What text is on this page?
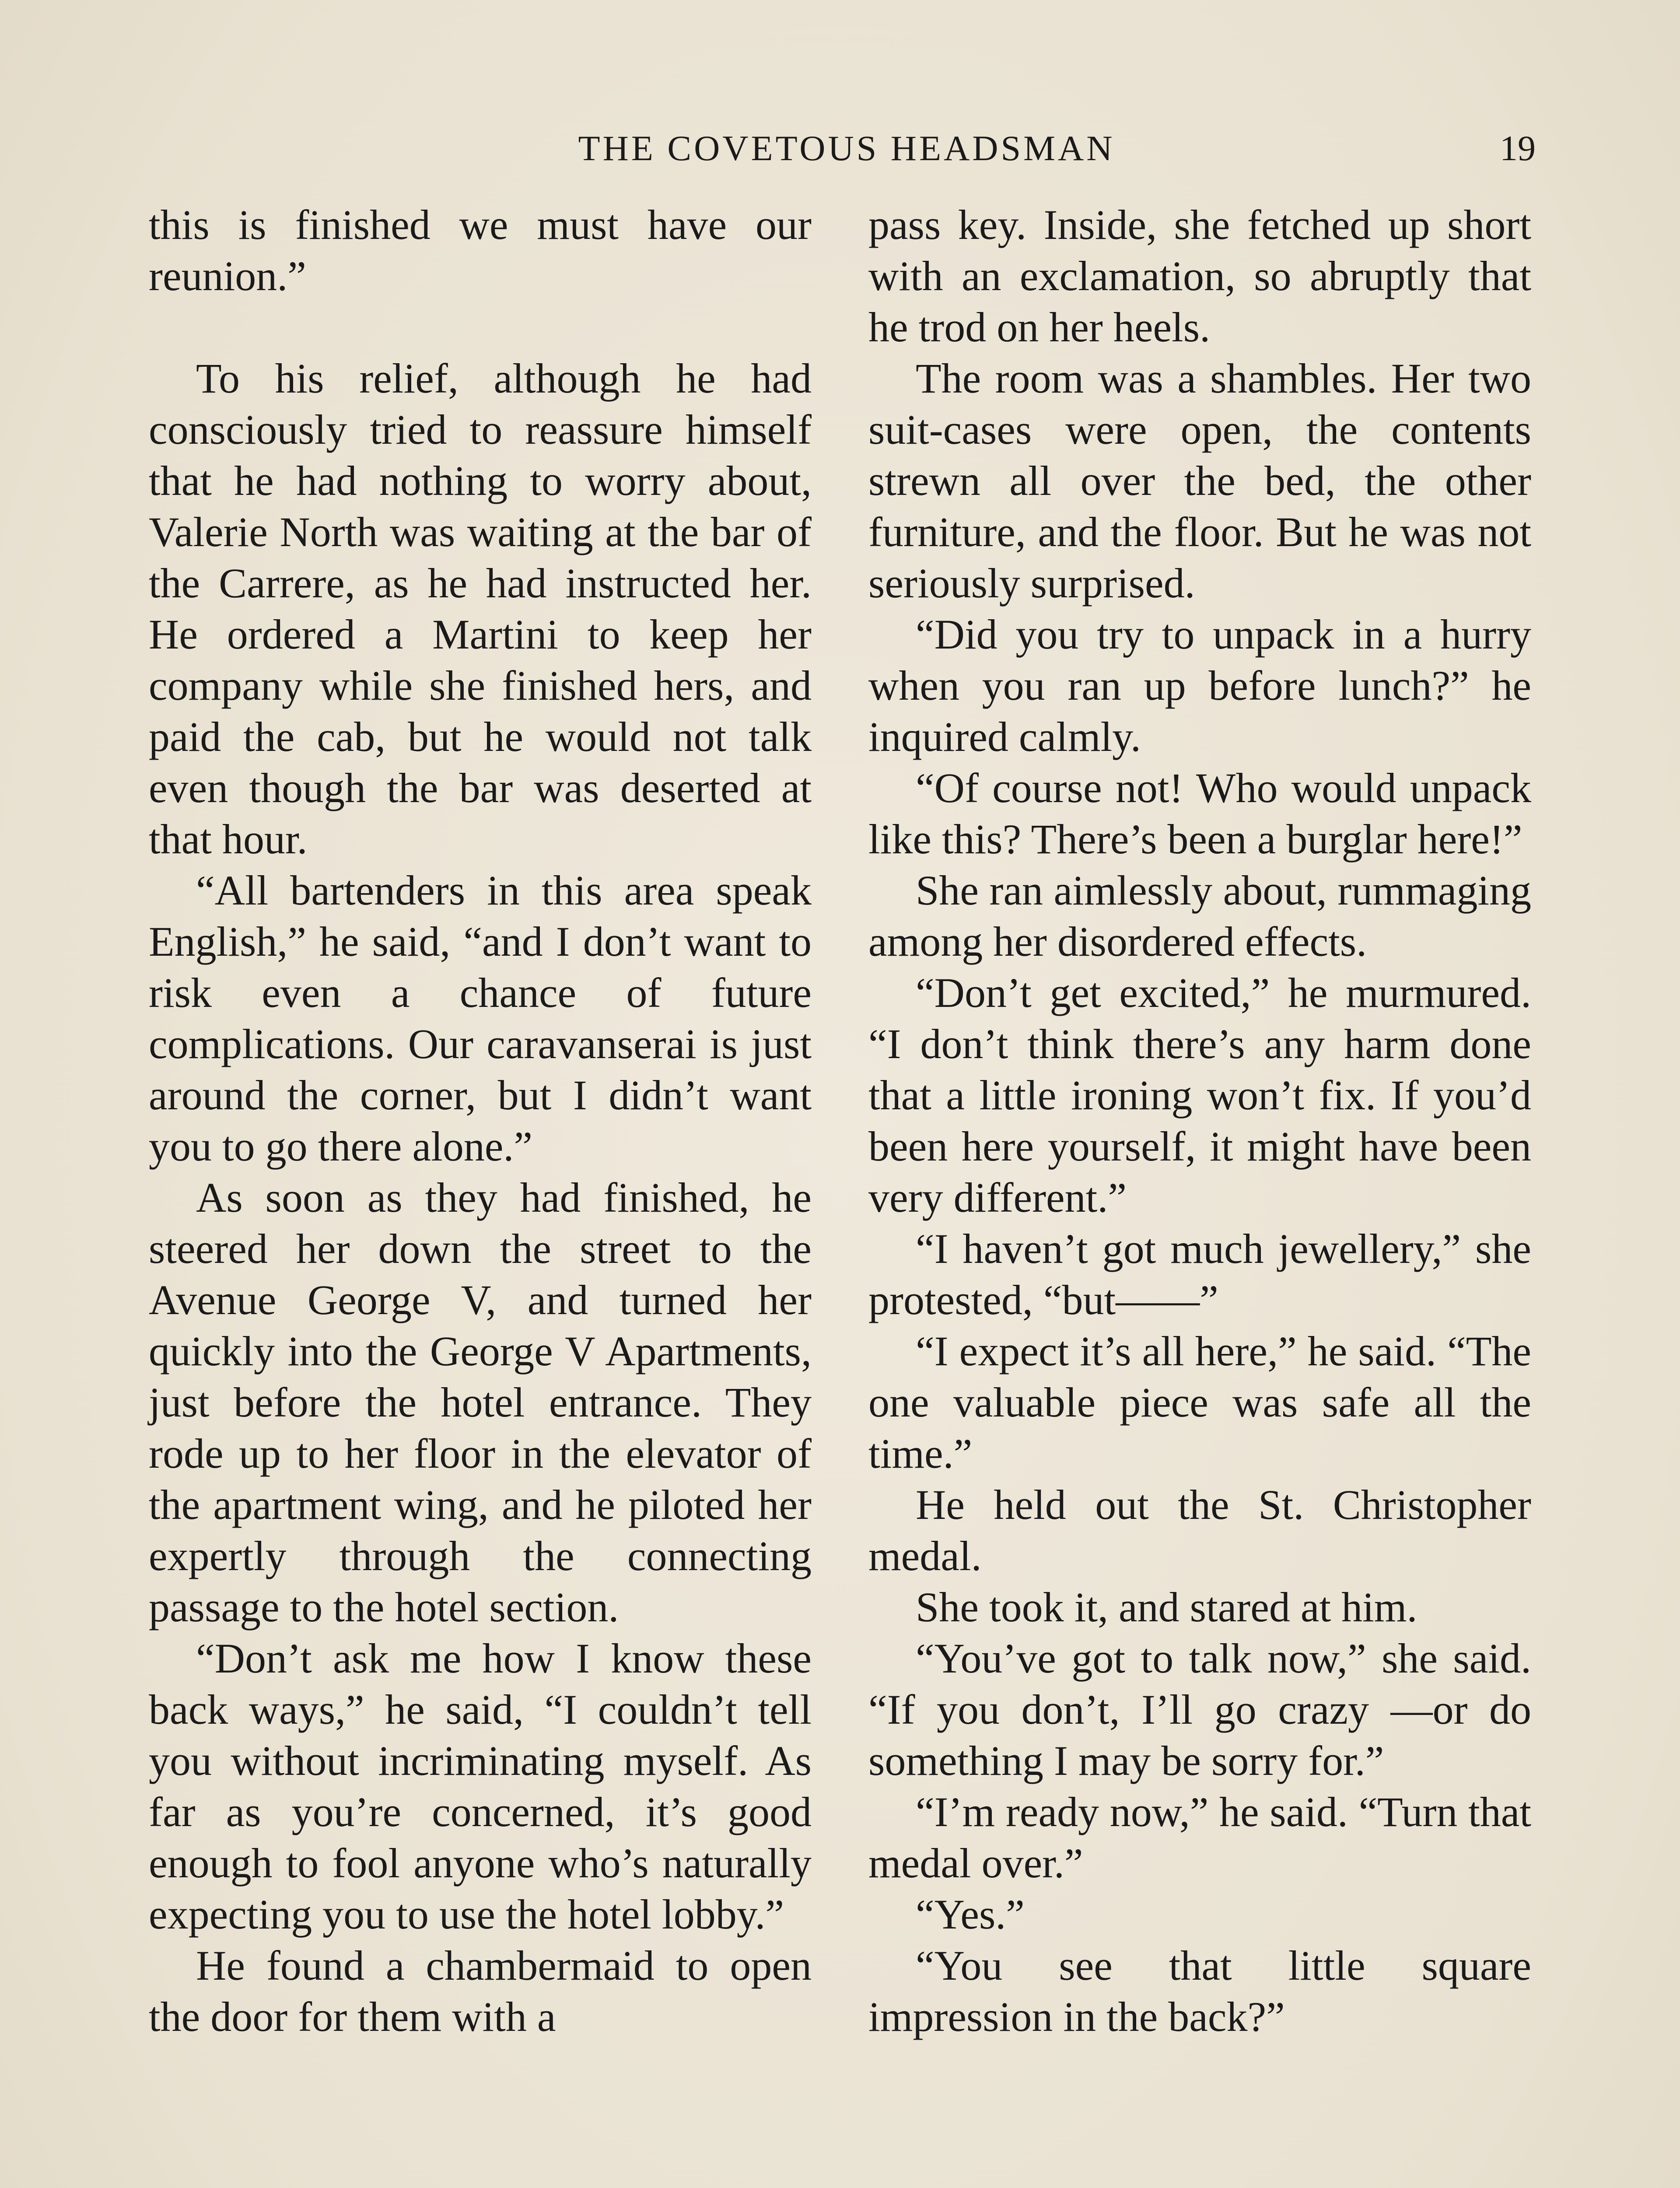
THE COVETOUS HEADSMAN	19

this is finished we must have our reunion.”

To his relief, although he had consciously tried to reassure himself that he had nothing to worry about, Valerie North was waiting at the bar of the Carrere, as he had instructed her. He ordered a Martini to keep her company while she finished hers, and paid the cab, but he would not talk even though the bar was deserted at that hour.

“All bartenders in this area speak English,” he said, “and I don’t want to risk even a chance of future complications. Our caravanserai is just around the corner, but I didn’t want you to go there alone.”

As soon as they had finished, he steered her down the street to the Avenue George V, and turned her quickly into the George V Apartments, just before the hotel entrance. They rode up to her floor in the elevator of the apartment wing, and he piloted her expertly through the connecting passage to the hotel section.

“Don’t ask me how I know these back ways,” he said, “I couldn’t tell you without incriminating myself. As far as you’re concerned, it’s good enough to fool anyone who’s naturally expecting you to use the hotel lobby.”

He found a chambermaid to open the door for them with a

pass key. Inside, she fetched up short with an exclamation, so abruptly that he trod on her heels.

The room was a shambles. Her two suit-cases were open, the contents strewn all over the bed, the other furniture, and the floor. But he was not seriously surprised.

“Did you try to unpack in a hurry when you ran up before lunch?” he inquired calmly.

“Of course not! Who would unpack like this? There’s been a burglar here!”

She ran aimlessly about, rummaging among her disordered effects.

“Don’t get excited,” he murmured. “I don’t think there’s any harm done that a little ironing won’t fix. If you’d been here yourself, it might have been very different.”

“I haven’t got much jewellery,” she protested, “but——”

“I expect it’s all here,” he said. “The one valuable piece was safe all the time.”

He held out the St. Christopher medal.

She took it, and stared at him.

“You’ve got to talk now,” she said. “If you don’t, I’ll go crazy —or do something I may be sorry for.”

“I’m ready now,” he said. “Turn that medal over.”

“Yes.”

“You see that little square impression in the back?”
